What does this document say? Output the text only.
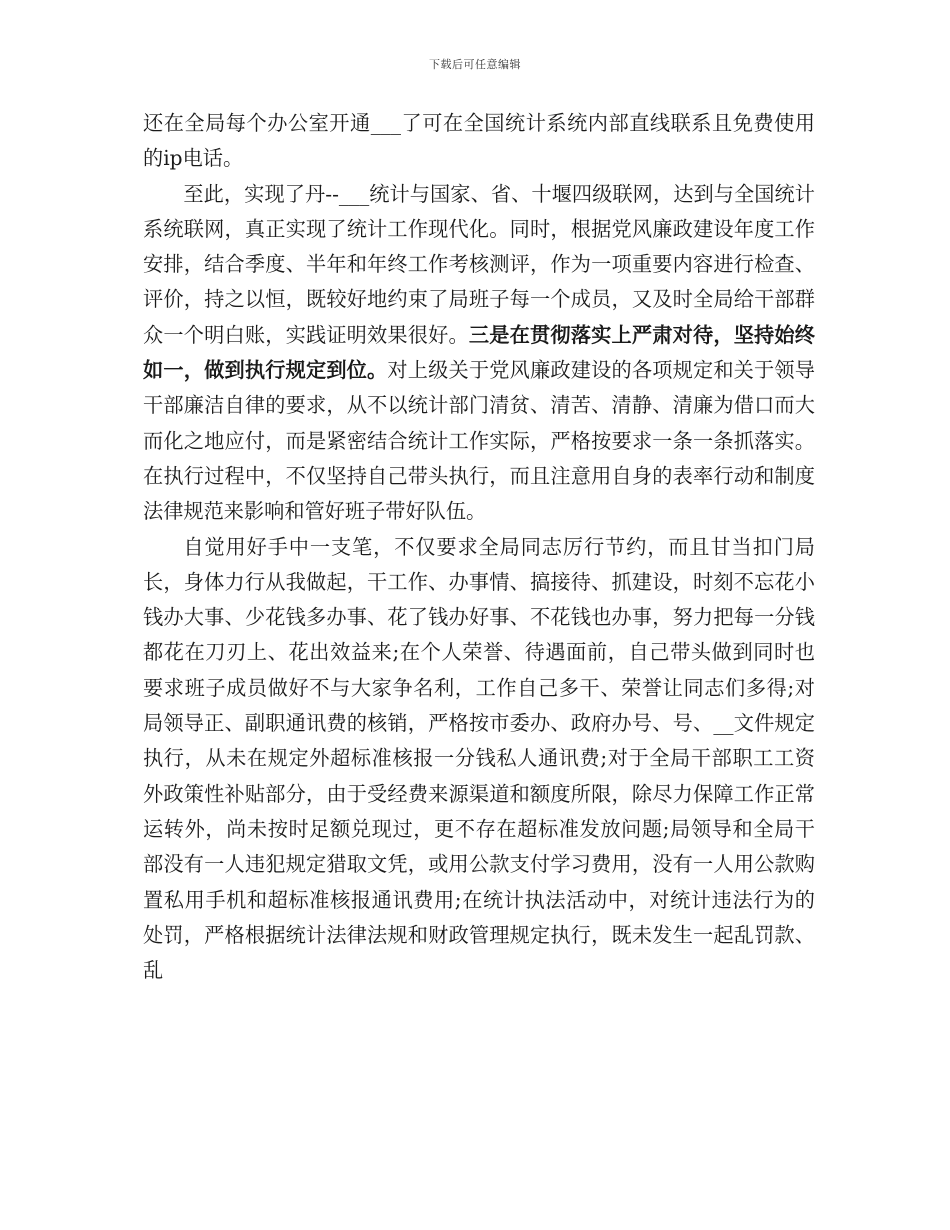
下载后可任意编辑

还在全局每个办公室开通___了可在全国统计系统内部直线联系且免费使用的ip电话。

至此，实现了丹--___统计与国家、省、十堰四级联网，达到与全国统计系统联网，真正实现了统计工作现代化。同时，根据党风廉政建设年度工作安排，结合季度、半年和年终工作考核测评，作为一项重要内容进行检查、评价，持之以恒，既较好地约束了局班子每一个成员，又及时全局给干部群众一个明白账，实践证明效果很好。三是在贯彻落实上严肃对待，坚持始终如一，做到执行规定到位。对上级关于党风廉政建设的各项规定和关于领导干部廉洁自律的要求，从不以统计部门清贫、清苦、清静、清廉为借口而大而化之地应付，而是紧密结合统计工作实际，严格按要求一条一条抓落实。在执行过程中，不仅坚持自己带头执行，而且注意用自身的表率行动和制度法律规范来影响和管好班子带好队伍。

自觉用好手中一支笔，不仅要求全局同志厉行节约，而且甘当扣门局长，身体力行从我做起，干工作、办事情、搞接待、抓建设，时刻不忘花小钱办大事、少花钱多办事、花了钱办好事、不花钱也办事，努力把每一分钱都花在刀刃上、花出效益来;在个人荣誉、待遇面前，自己带头做到同时也要求班子成员做好不与大家争名利，工作自己多干、荣誉让同志们多得;对局领导正、副职通讯费的核销，严格按市委办、政府办号、号、__文件规定执行，从未在规定外超标准核报一分钱私人通讯费;对于全局干部职工工资外政策性补贴部分，由于受经费来源渠道和额度所限，除尽力保障工作正常运转外，尚未按时足额兑现过，更不存在超标准发放问题;局领导和全局干部没有一人违犯规定猎取文凭，或用公款支付学习费用，没有一人用公款购置私用手机和超标准核报通讯费用;在统计执法活动中，对统计违法行为的处罚，严格根据统计法律法规和财政管理规定执行，既未发生一起乱罚款、乱
